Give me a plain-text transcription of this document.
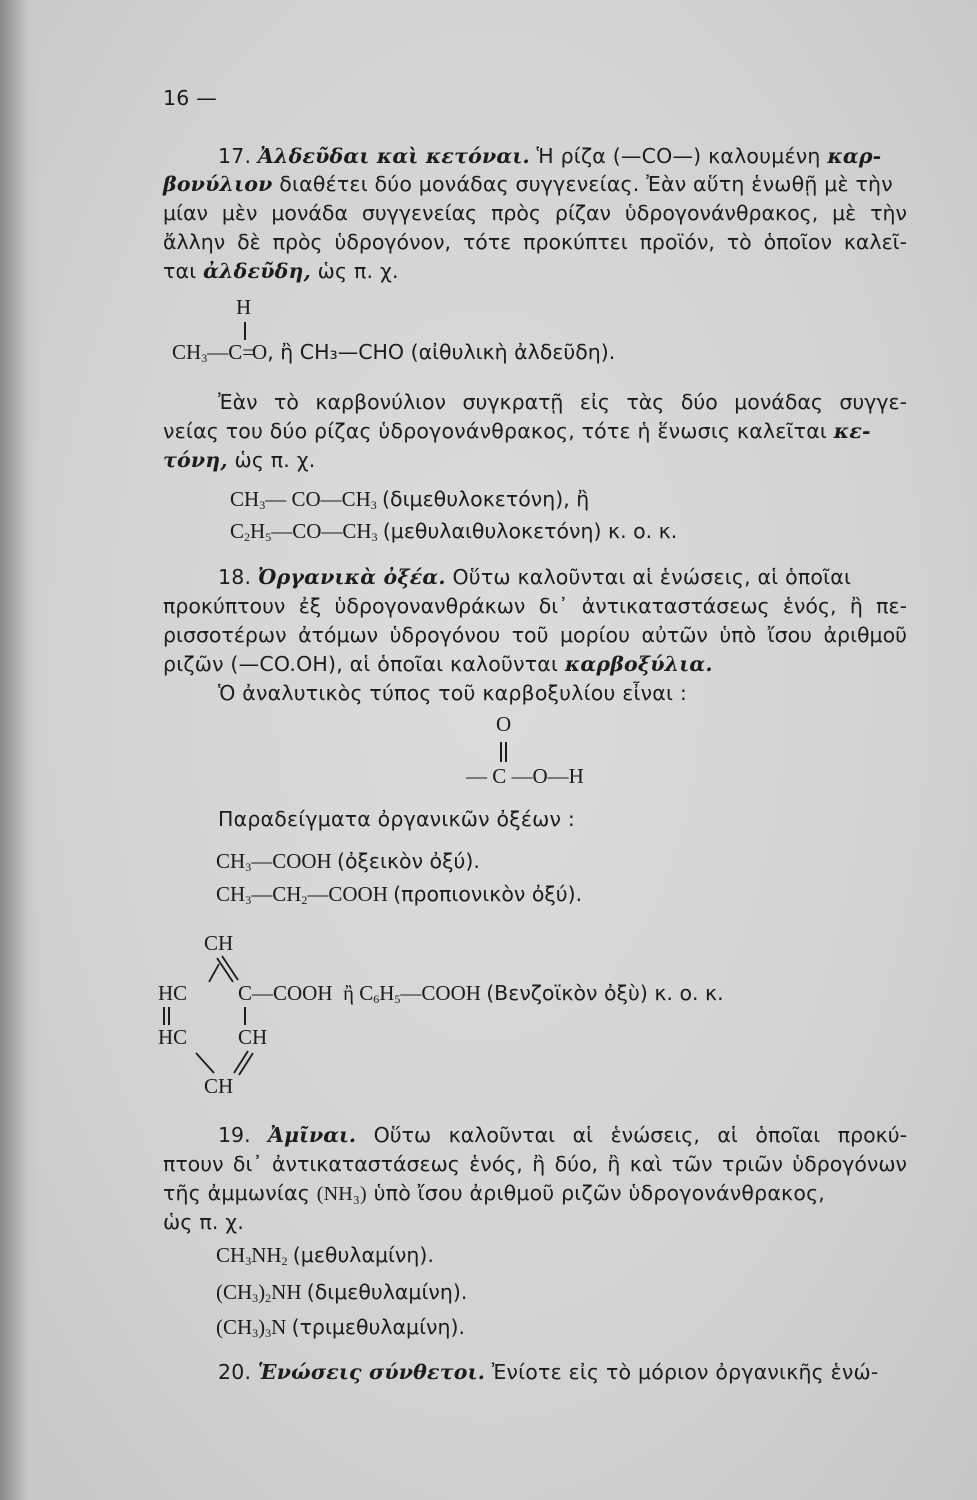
16 —
17. Ἀλδεῦδαι καὶ κετόναι. Ἡ ρίζα (—CO—) καλουμένη καρ-
βονύλιον διαθέτει δύο μονάδας συγγενείας. Ἐὰν αὕτη ἑνωθῇ μὲ τὴν
μίαν μὲν μονάδα συγγενείας πρὸς ρίζαν ὑδρογονάνθρακος, μὲ τὴν
ἄλλην δὲ πρὸς ὑδρογόνον, τότε προκύπτει προϊόν, τὸ ὁποῖον καλεῖ-
ται ἀλδεῦδη, ὡς π. χ.
H
$CH_3—C=O$, ἢ CH₃—CHO (αἰθυλικὴ ἀλδεῦδη).
Ἐὰν τὸ καρβονύλιον συγκρατῇ εἰς τὰς δύο μονάδας συγγε-
νείας του δύο ρίζας ὑδρογονάνθρακος, τότε ἡ ἕνωσις καλεῖται κε-
τόνη, ὡς π. χ.
$CH_3—$ $CO—CH_3$ (διμεθυλοκετόνη), ἢ
$C_2H_5—CO—CH_3$ (μεθυλαιθυλοκετόνη) κ. ο. κ.
18. Ὀργανικὰ ὀξέα. Οὕτω καλοῦνται αἱ ἑνώσεις, αἱ ὁποῖαι
προκύπτουν ἐξ ὑδρογονανθράκων δι᾽ ἀντικαταστάσεως ἑνός, ἢ πε-
ρισσοτέρων ἀτόμων ὑδρογόνου τοῦ μορίου αὐτῶν ὑπὸ ἴσου ἀριθμοῦ
ριζῶν (—CO.OH), αἱ ὁποῖαι καλοῦνται καρβοξύλια.
Ὁ ἀναλυτικὸς τύπος τοῦ καρβοξυλίου εἶναι :
O
— C —O—H
Παραδείγματα ὀργανικῶν ὀξέων :
$CH_3—COOH$ (ὀξεικὸν ὀξύ).
$CH_3—CH_2—COOH$ (προπιονικὸν ὀξύ).
CH
HC C—COOH  ἢ $C_6H_5—COOH$ (Βενζοϊκὸν ὀξὺ) κ. ο. κ.
HC CH
CH
19. Ἀμῖναι. Οὕτω καλοῦνται αἱ ἑνώσεις, αἱ ὁποῖαι προκύ-
πτουν δι᾽ ἀντικαταστάσεως ἑνός, ἢ δύο, ἢ καὶ τῶν τριῶν ὑδρογόνων
τῆς ἀμμωνίας (NH₃) ὑπὸ ἴσου ἀριθμοῦ ριζῶν ὑδρογονάνθρακος,
ὡς π. χ.
$CH_3NH_2$ (μεθυλαμίνη).
$(CH_3)_2NH$ (διμεθυλαμίνη).
$(CH_3)_3N$ (τριμεθυλαμίνη).
20. Ἑνώσεις σύνθετοι. Ἐνίοτε εἰς τὸ μόριον ὀργανικῆς ἑνώ-
